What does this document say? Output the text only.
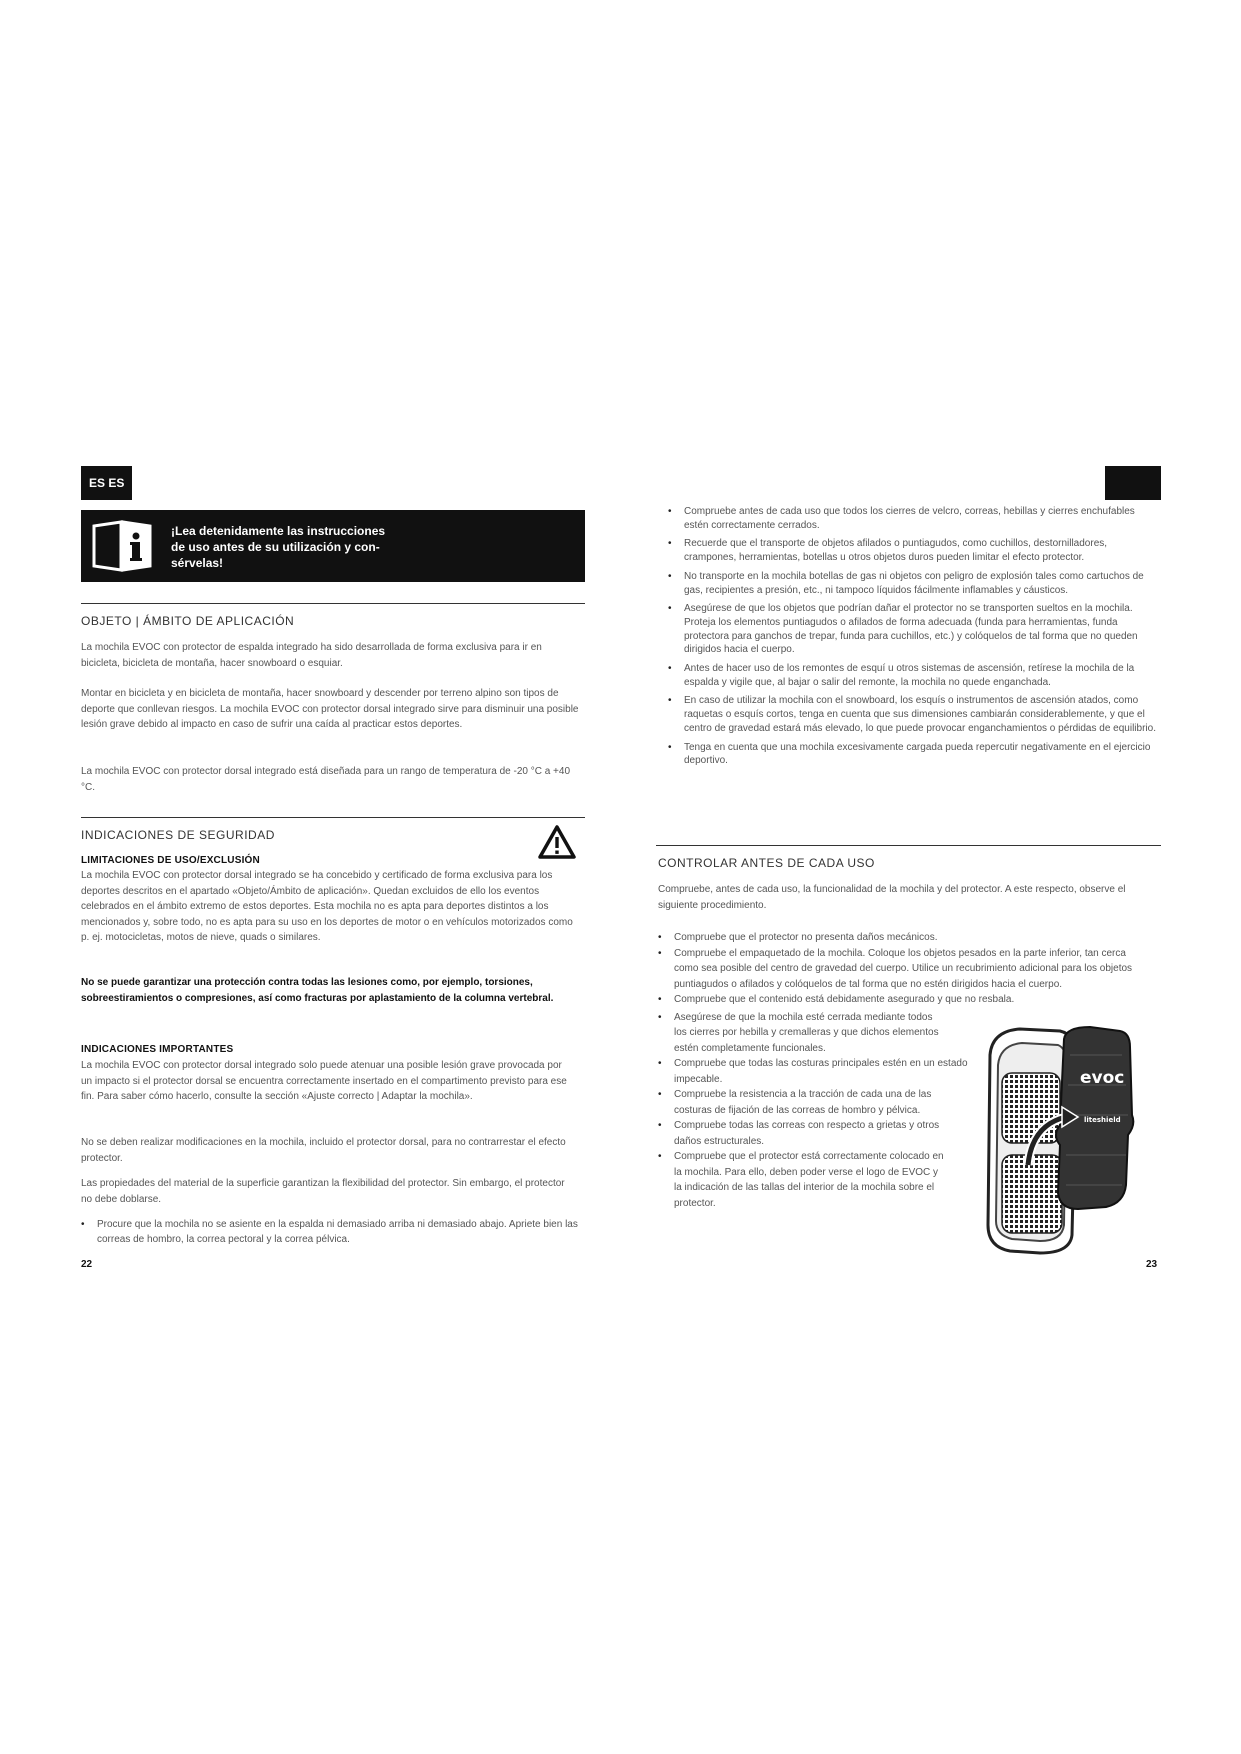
ES ES
¡Lea detenidamente las instrucciones
de uso antes de su utilización y con-
sérvelas!
OBJETO | ÁMBITO DE APLICACIÓN
La mochila EVOC con protector de espalda integrado ha sido desarrollada de forma exclusiva para ir en bicicleta, bicicleta de montaña, hacer snowboard o esquiar.
Montar en bicicleta y en bicicleta de montaña, hacer snowboard y descender por terreno alpino son tipos de deporte que conllevan riesgos. La mochila EVOC con protector dorsal integrado sirve para disminuir una posible lesión grave debido al impacto en caso de sufrir una caída al practicar estos deportes.
La mochila EVOC con protector dorsal integrado está diseñada para un rango de temperatura de -20 °C a +40 °C.
INDICACIONES DE SEGURIDAD
LIMITACIONES DE USO/EXCLUSIÓN
La mochila EVOC con protector dorsal integrado se ha concebido y certificado de forma exclusiva para los deportes descritos en el apartado «Objeto/Ámbito de aplicación». Quedan excluidos de ello los eventos celebrados en el ámbito extremo de estos deportes. Esta mochila no es apta para deportes distintos a los mencionados y, sobre todo, no es apta para su uso en los deportes de motor o en vehículos motorizados como p. ej. motocicletas, motos de nieve, quads o similares.
No se puede garantizar una protección contra todas las lesiones como, por ejemplo, torsiones, sobreestiramientos o compresiones, así como fracturas por aplastamiento de la columna vertebral.
INDICACIONES IMPORTANTES
La mochila EVOC con protector dorsal integrado solo puede atenuar una posible lesión grave provocada por un impacto si el protector dorsal se encuentra correctamente insertado en el compartimento previsto para ese fin. Para saber cómo hacerlo, consulte la sección «Ajuste correcto | Adaptar la mochila».
No se deben realizar modificaciones en la mochila, incluido el protector dorsal, para no contrarrestar el efecto protector.
Las propiedades del material de la superficie garantizan la flexibilidad del protector. Sin embargo, el protector no debe doblarse.
• Procure que la mochila no se asiente en la espalda ni demasiado arriba ni demasiado abajo. Apriete bien las correas de hombro, la correa pectoral y la correa pélvica.
22
• Compruebe antes de cada uso que todos los cierres de velcro, correas, hebillas y cierres enchufables estén correctamente cerrados.
• Recuerde que el transporte de objetos afilados o puntiagudos, como cuchillos, destornilladores, crampones, herramientas, botellas u otros objetos duros pueden limitar el efecto protector.
• No transporte en la mochila botellas de gas ni objetos con peligro de explosión tales como cartuchos de gas, recipientes a presión, etc., ni tampoco líquidos fácilmente inflamables y cáusticos.
• Asegúrese de que los objetos que podrían dañar el protector no se transporten sueltos en la mochila. Proteja los elementos puntiagudos o afilados de forma adecuada (funda para herramientas, funda protectora para ganchos de trepar, funda para cuchillos, etc.) y colóquelos de tal forma que no queden dirigidos hacia el cuerpo.
• Antes de hacer uso de los remontes de esquí u otros sistemas de ascensión, retírese la mochila de la espalda y vigile que, al bajar o salir del remonte, la mochila no quede enganchada.
• En caso de utilizar la mochila con el snowboard, los esquís o instrumentos de ascensión atados, como raquetas o esquís cortos, tenga en cuenta que sus dimensiones cambiarán considerablemente, y que el centro de gravedad estará más elevado, lo que puede provocar enganchamientos o pérdidas de equilibrio.
• Tenga en cuenta que una mochila excesivamente cargada pueda repercutir negativamente en el ejercicio deportivo.
CONTROLAR ANTES DE CADA USO
Compruebe, antes de cada uso, la funcionalidad de la mochila y del protector. A este respecto, observe el siguiente procedimiento.
• Compruebe que el protector no presenta daños mecánicos.
• Compruebe el empaquetado de la mochila. Coloque los objetos pesados en la parte inferior, tan cerca como sea posible del centro de gravedad del cuerpo. Utilice un recubrimiento adicional para los objetos puntiagudos o afilados y colóquelos de tal forma que no estén dirigidos hacia el cuerpo.
• Compruebe que el contenido está debidamente asegurado y que no resbala.
• Asegúrese de que la mochila esté cerrada mediante todos los cierres por hebilla y cremalleras y que dichos elementos estén completamente funcionales.
• Compruebe que todas las costuras principales estén en un estado impecable.
• Compruebe la resistencia a la tracción de cada una de las costuras de fijación de las correas de hombro y pélvica.
• Compruebe todas las correas con respecto a grietas y otros daños estructurales.
• Compruebe que el protector está correctamente colocado en la mochila. Para ello, deben poder verse el logo de EVOC y la indicación de las tallas del interior de la mochila sobre el protector.
evoc
liteshield
23
